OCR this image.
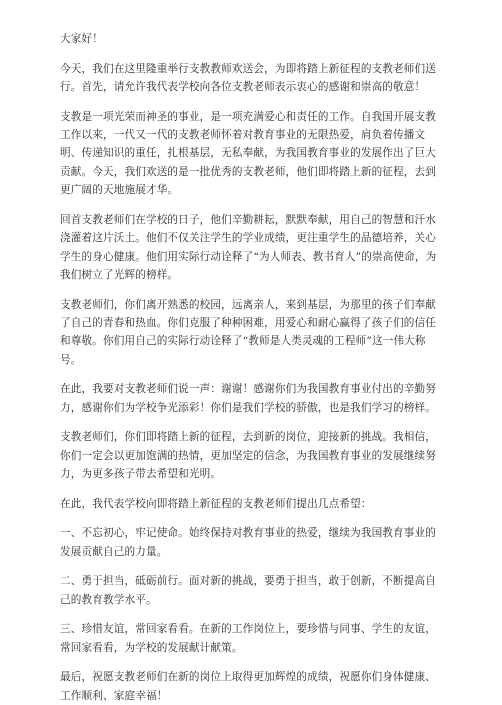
大家好！

今天，我们在这里隆重举行支教教师欢送会，为即将踏上新征程的支教老师们送行。首先，请允许我代表学校向各位支教老师表示衷心的感谢和崇高的敬意！

支教是一项光荣而神圣的事业，是一项充满爱心和责任的工作。自我国开展支教工作以来，一代又一代的支教老师怀着对教育事业的无限热爱，肩负着传播文明、传递知识的重任，扎根基层，无私奉献，为我国教育事业的发展作出了巨大贡献。今天，我们欢送的是一批优秀的支教老师，他们即将踏上新的征程，去到更广阔的天地施展才华。

回首支教老师们在学校的日子，他们辛勤耕耘，默默奉献，用自己的智慧和汗水浇灌着这片沃土。他们不仅关注学生的学业成绩，更注重学生的品德培养，关心学生的身心健康。他们用实际行动诠释了“为人师表、教书育人”的崇高使命，为我们树立了光辉的榜样。

支教老师们，你们离开熟悉的校园，远离亲人，来到基层，为那里的孩子们奉献了自己的青春和热血。你们克服了种种困难，用爱心和耐心赢得了孩子们的信任和尊敬。你们用自己的实际行动诠释了“教师是人类灵魂的工程师”这一伟大称号。

在此，我要对支教老师们说一声：谢谢！感谢你们为我国教育事业付出的辛勤努力，感谢你们为学校争光添彩！你们是我们学校的骄傲，也是我们学习的榜样。

支教老师们，你们即将踏上新的征程，去到新的岗位，迎接新的挑战。我相信，你们一定会以更加饱满的热情，更加坚定的信念，为我国教育事业的发展继续努力，为更多孩子带去希望和光明。

在此，我代表学校向即将踏上新征程的支教老师们提出几点希望：

一、不忘初心，牢记使命。始终保持对教育事业的热爱，继续为我国教育事业的发展贡献自己的力量。

二、勇于担当，砥砺前行。面对新的挑战，要勇于担当，敢于创新，不断提高自己的教育教学水平。

三、珍惜友谊，常回家看看。在新的工作岗位上，要珍惜与同事、学生的友谊，常回家看看，为学校的发展献计献策。

最后，祝愿支教老师们在新的岗位上取得更加辉煌的成绩，祝愿你们身体健康、工作顺利、家庭幸福！
